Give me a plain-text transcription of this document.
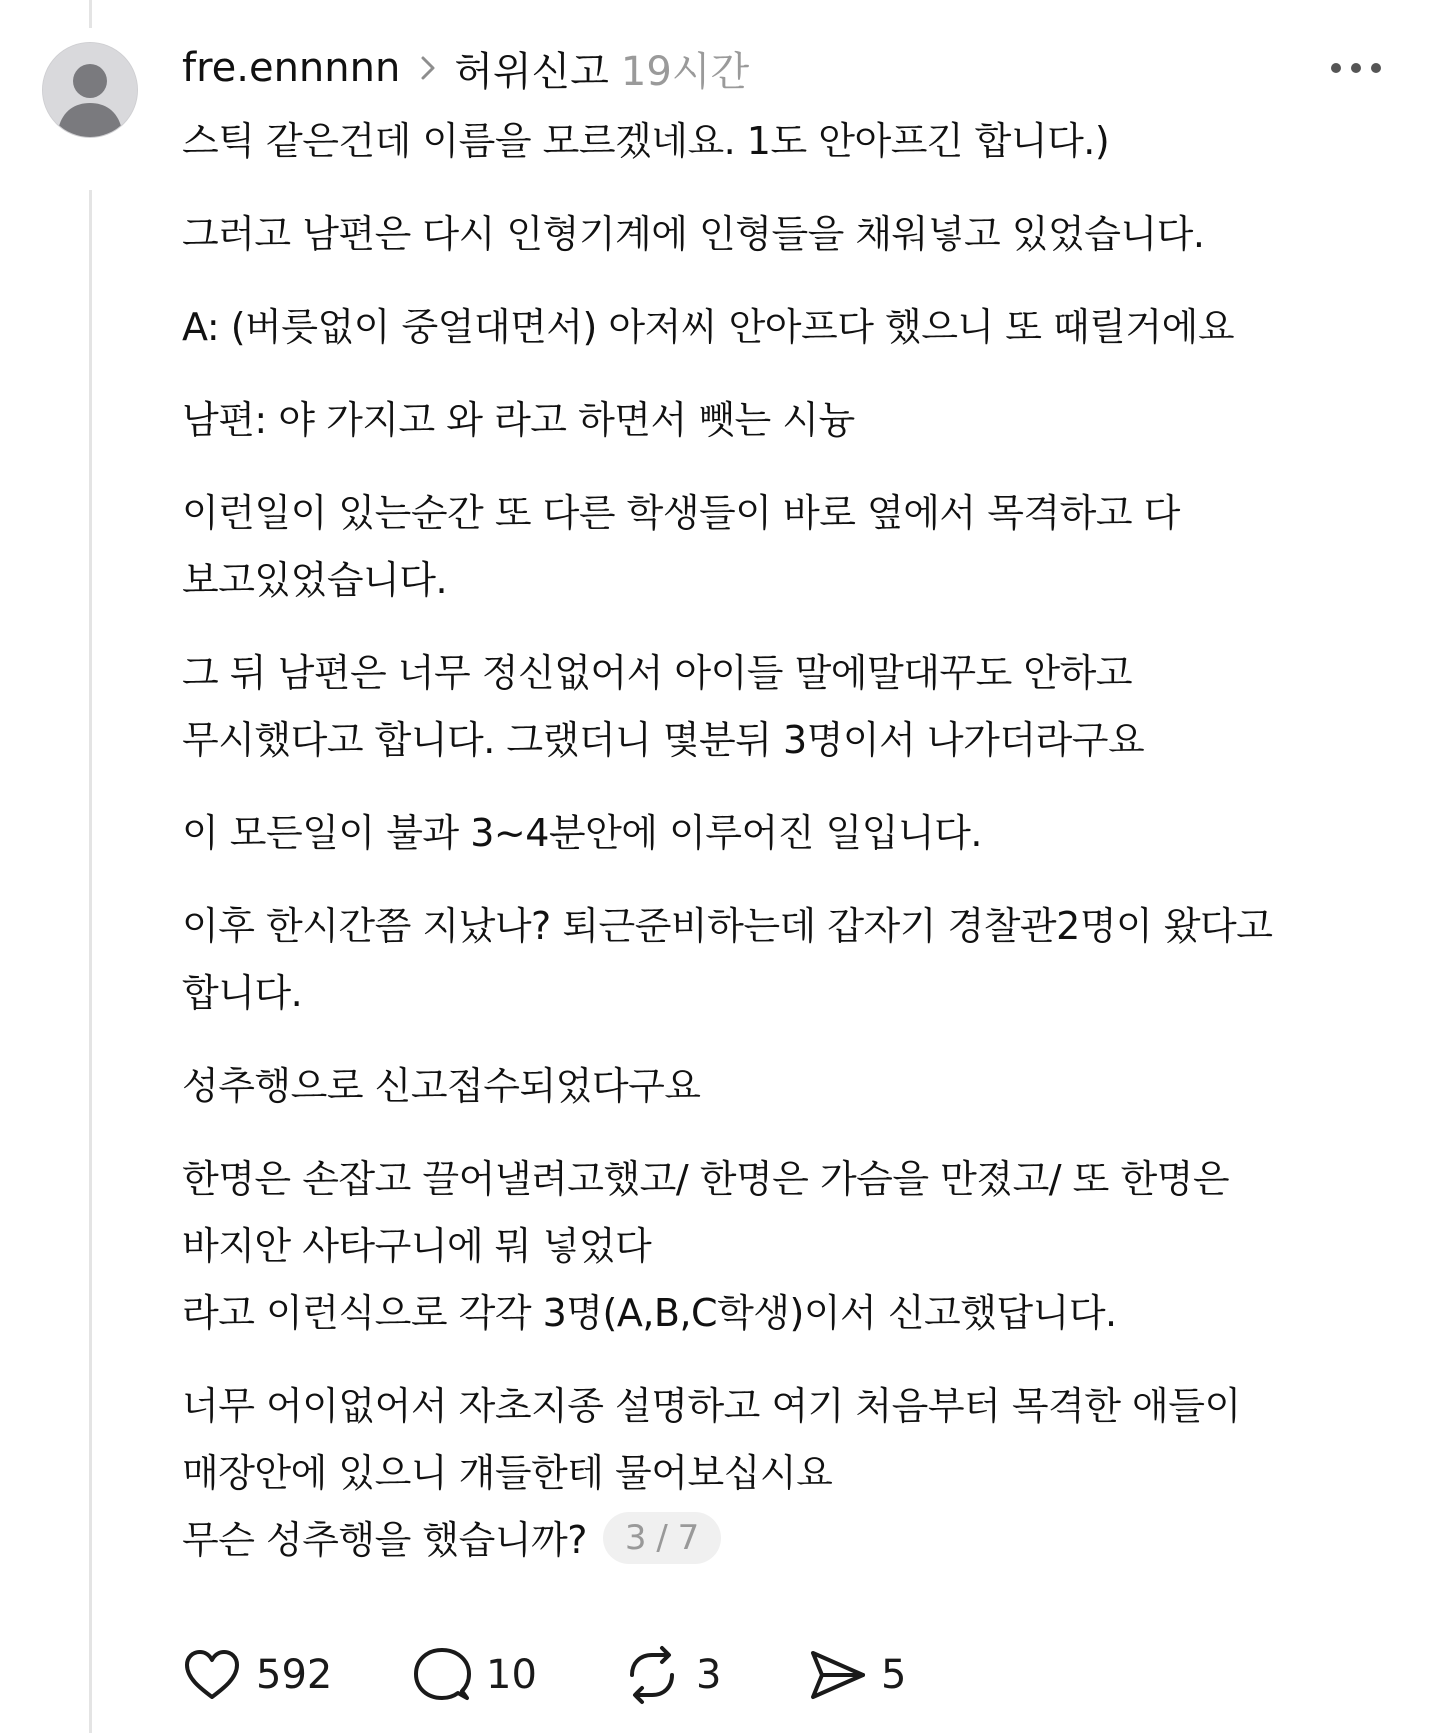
fre.ennnnn 허위신고 19시간

스틱 같은건데 이름을 모르겠네요. 1도 안아프긴 합니다.)

그러고 남편은 다시 인형기계에 인형들을 채워넣고 있었습니다.

A: (버릇없이 중얼대면서) 아저씨 안아프다 했으니 또 때릴거에요

남편: 야 가지고 와 라고 하면서 뺏는 시늉

이런일이 있는순간 또 다른 학생들이 바로 옆에서 목격하고 다
보고있었습니다.

그 뒤 남편은 너무 정신없어서 아이들 말에말대꾸도 안하고
무시했다고 합니다. 그랬더니 몇분뒤 3명이서 나가더라구요

이 모든일이 불과 3~4분안에 이루어진 일입니다.

이후 한시간쯤 지났나? 퇴근준비하는데 갑자기 경찰관2명이 왔다고
합니다.

성추행으로 신고접수되었다구요

한명은 손잡고 끌어낼려고했고/ 한명은 가슴을 만졌고/ 또 한명은
바지안 사타구니에 뭐 넣었다
라고 이런식으로 각각 3명(A,B,C학생)이서 신고했답니다.

너무 어이없어서 자초지종 설명하고 여기 처음부터 목격한 애들이
매장안에 있으니 걔들한테 물어보십시요
무슨 성추행을 했습니까? 3 / 7

592	10	3	5
